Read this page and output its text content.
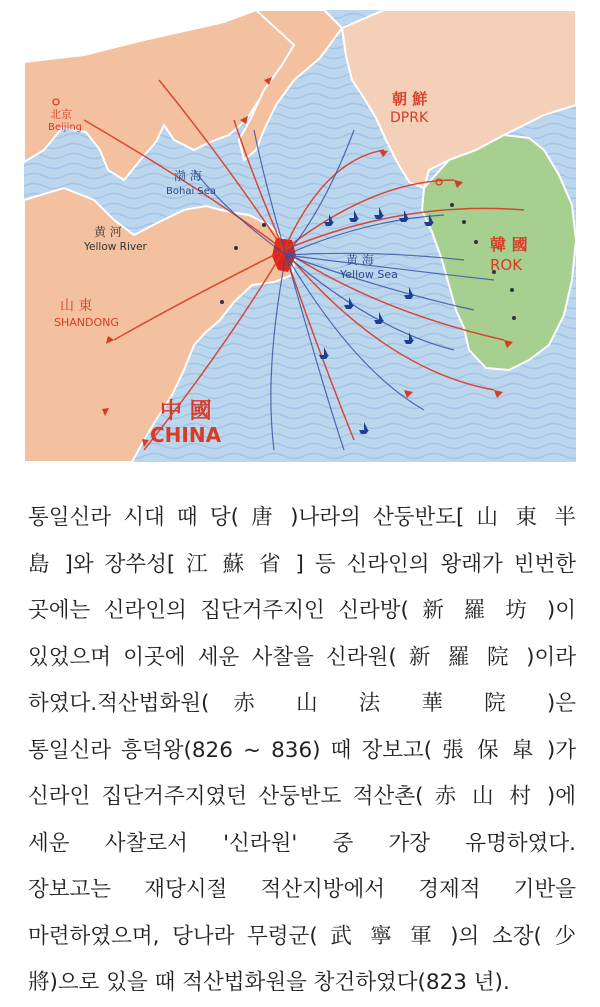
北京
Beijing
渤 海
Bohai Sea
黄 河
Yellow River
山 東
SHANDONG
黄 海
Yellow Sea
朝 鮮
DPRK
韓 國
ROK
中 國
CHINA
통일신라 시대 때 당( 唐 )나라의 산둥반도[ 山 東 半
島 ]와 장쑤성[ 江 蘇 省 ] 등 신라인의 왕래가 빈번한
곳에는 신라인의 집단거주지인 신라방( 新 羅 坊 )이
있었으며 이곳에 세운 사찰을 신라원( 新 羅 院 )이라
하였다.적산법화원( 赤 山 法 華 院 )은
통일신라 흥덕왕(826 ~ 836) 때 장보고( 張 保 皐 )가
신라인 집단거주지였던 산둥반도 적산촌( 赤 山 村 )에
세운 사찰로서 '신라원' 중 가장 유명하였다.
장보고는 재당시절 적산지방에서 경제적 기반을
마련하였으며, 당나라 무령군( 武 寧 軍 )의 소장( 少
將)으로 있을 때 적산법화원을 창건하였다(823 년).
